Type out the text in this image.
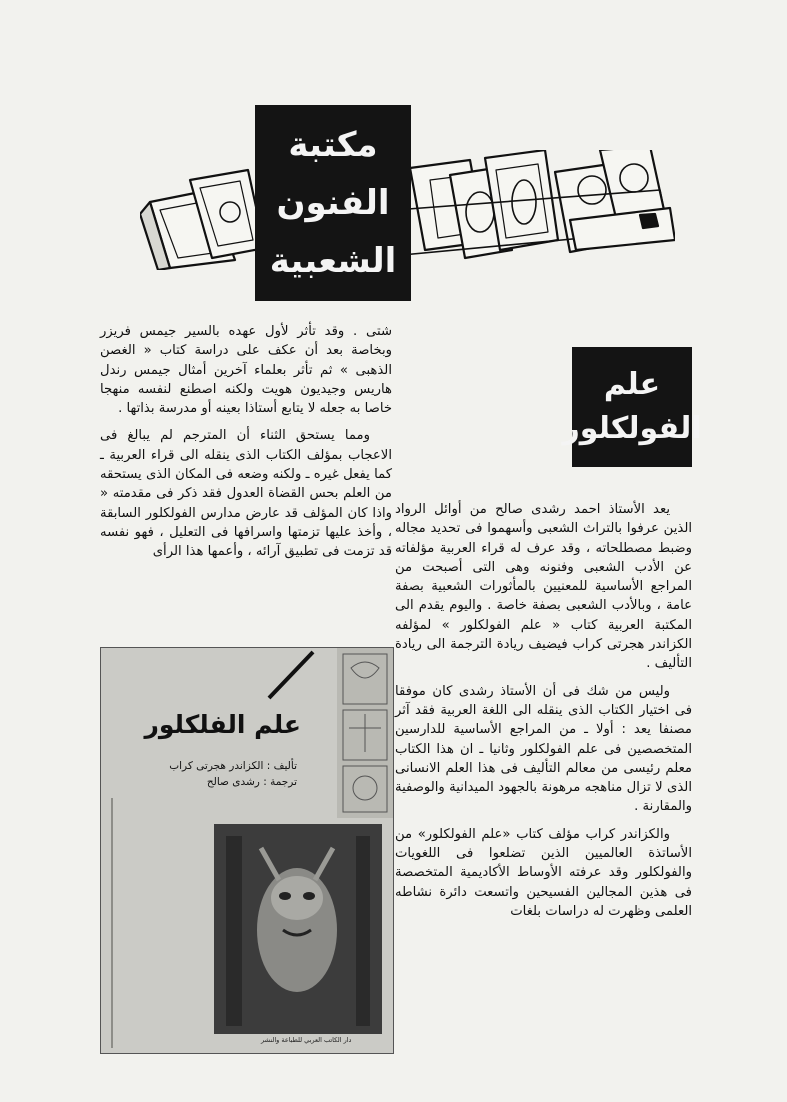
مكتبة
الفنون
الشعبية
علم
الفولكلور

شتى . وقد تأثر لأول عهده بالسير جيمس فريزر وبخاصة بعد أن عكف على دراسة كتاب « الغصن الذهبى » ثم تأثر بعلماء آخرين أمثال جيمس رندل هاريس وجيديون هويت ولكنه اصطنع لنفسه منهجا خاصا به جعله لا يتابع أستاذا بعينه أو مدرسة بذاتها .

ومما يستحق الثناء أن المترجم لم يبالغ فى الاعجاب بمؤلف الكتاب الذى ينقله الى قراء العربية ـ كما يفعل غيره ـ ولكنه وضعه فى المكان الذى يستحقه من العلم بحس القضاة العدول فقد ذكر فى مقدمته « واذا كان المؤلف قد عارض مدارس الفولكلور السابقة ، وأخذ عليها تزمتها واسرافها فى التعليل ، فهو نفسه قد تزمت فى تطبيق آرائه ، وأعمها هذا الرأى

يعد الأستاذ احمد رشدى صالح من أوائل الرواد الذين عرفوا بالتراث الشعبى وأسهموا فى تحديد مجاله وضبط مصطلحاته ، وقد عرف له قراء العربية مؤلفاته عن الأدب الشعبى وفنونه وهى التى أصبحت من المراجع الأساسية للمعنيين بالمأثورات الشعبية بصفة عامة ، وبالأدب الشعبى بصفة خاصة . واليوم يقدم الى المكتبة العربية كتاب « علم الفولكلور » لمؤلفه الكزاندر هجرتى كراب فيضيف ريادة الترجمة الى ريادة التأليف .

وليس من شك فى أن الأستاذ رشدى كان موفقا فى اختيار الكتاب الذى ينقله الى اللغة العربية فقد آثر مصنفا يعد : أولا ـ من المراجع الأساسية للدارسين المتخصصين فى علم الفولكلور وثانيا ـ ان هذا الكتاب معلم رئيسى من معالم التأليف فى هذا العلم الانسانى الذى لا تزال مناهجه مرهونة بالجهود الميدانية والوصفية والمقارنة .

والكزاندر كراب مؤلف كتاب «علم الفولكلور» من الأساتذة العالميين الذين تضلعوا فى اللغويات والفولكلور وقد عرفته الأوساط الأكاديمية المتخصصة فى هذين المجالين الفسيحين واتسعت دائرة نشاطه العلمى وظهرت له دراسات بلغات

علم الفلكلور
تأليف : الكزاندر هجرتى كراب
ترجمة : رشدى صالح
دار الكاتب العربي للطباعة والنشر
